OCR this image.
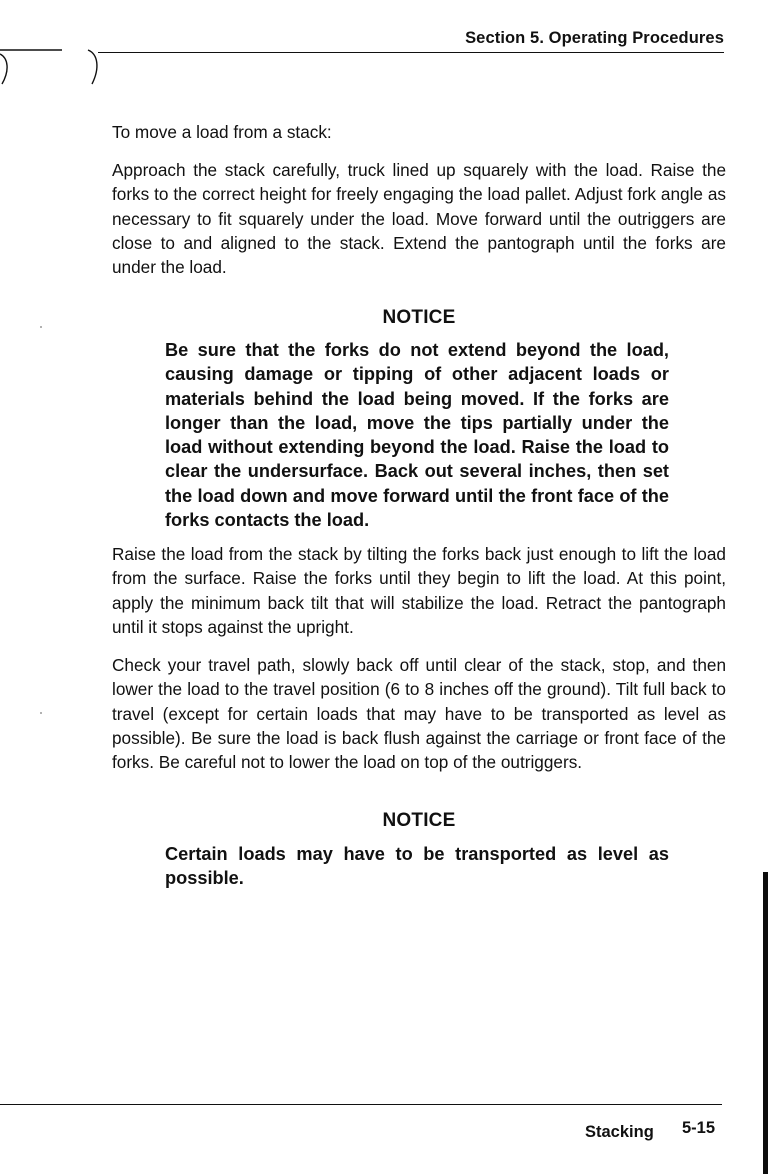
Section 5. Operating Procedures

To move a load from a stack:

Approach the stack carefully, truck lined up squarely with the load. Raise the forks to the correct height for freely engaging the load pallet. Adjust fork angle as necessary to fit squarely under the load. Move forward until the outriggers are close to and aligned to the stack. Extend the pantograph until the forks are under the load.

NOTICE

Be sure that the forks do not extend beyond the load, causing damage or tipping of other adjacent loads or materials behind the load being moved. If the forks are longer than the load, move the tips partially under the load without extending beyond the load. Raise the load to clear the undersurface. Back out several inches, then set the load down and move forward until the front face of the forks contacts the load.

Raise the load from the stack by tilting the forks back just enough to lift the load from the surface. Raise the forks until they begin to lift the load. At this point, apply the minimum back tilt that will stabilize the load. Retract the pantograph until it stops against the upright.

Check your travel path, slowly back off until clear of the stack, stop, and then lower the load to the travel position (6 to 8 inches off the ground). Tilt full back to travel (except for certain loads that may have to be transported as level as possible). Be sure the load is back flush against the carriage or front face of the forks. Be careful not to lower the load on top of the outriggers.

NOTICE

Certain loads may have to be transported as level as possible.

Stacking 5-15
